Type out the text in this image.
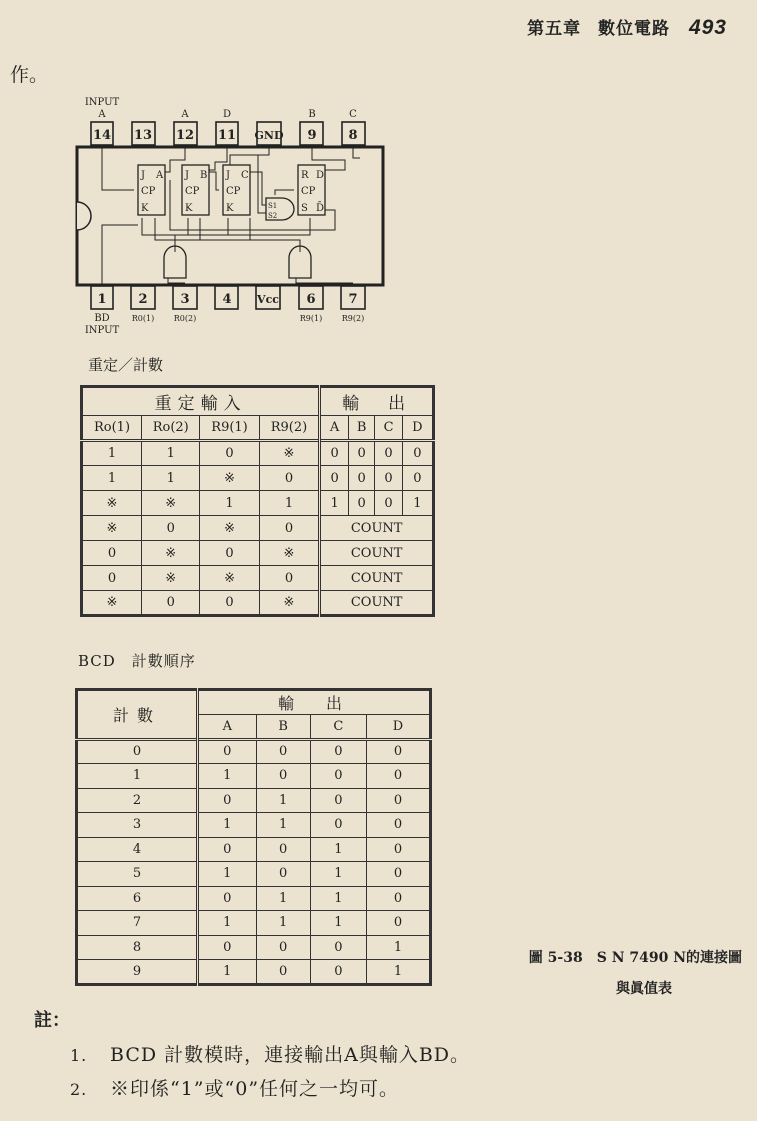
第五章 數位電路 493
作。
14 13 12 11 GND 9 8
1 2	3	4 Vcc 6	7
INPUT
A	A	D	B	C
BD
INPUT
R0(1) R0(2)	R9(1) R9(2)
J A
CP
K
J B
CP
K
J C
CP
K
R D
CP
S D̄
S1
S2
重定／計數
重定輸入				輸　出			
Ro(1)	Ro(2)	R9(1)	R9(2)	A	B	C	D
1	1	0	※	0	0	0	0
1	1	※	0	0	0	0	0
※	※	1	1	1	0	0	1
※	0	※	0	COUNT			
0	※	0	※	COUNT			
0	※	※	0	COUNT			
※	0	0	※	COUNT			
BCD　計數順序
計數	輸　出			
	A	B	C	D
0	0	0	0	0
1	1	0	0	0
2	0	1	0	0
3	1	1	0	0
4	0	0	1	0
5	1	0	1	0
6	0	1	1	0
7	1	1	1	0
8	0	0	0	1
9	1	0	0	1
圖 5-38　S N 7490 N的連接圖
與眞值表
註：
1. BCD 計數模時，連接輸出A與輸入BD。
2. ※印係“1”或“0”任何之一均可。
